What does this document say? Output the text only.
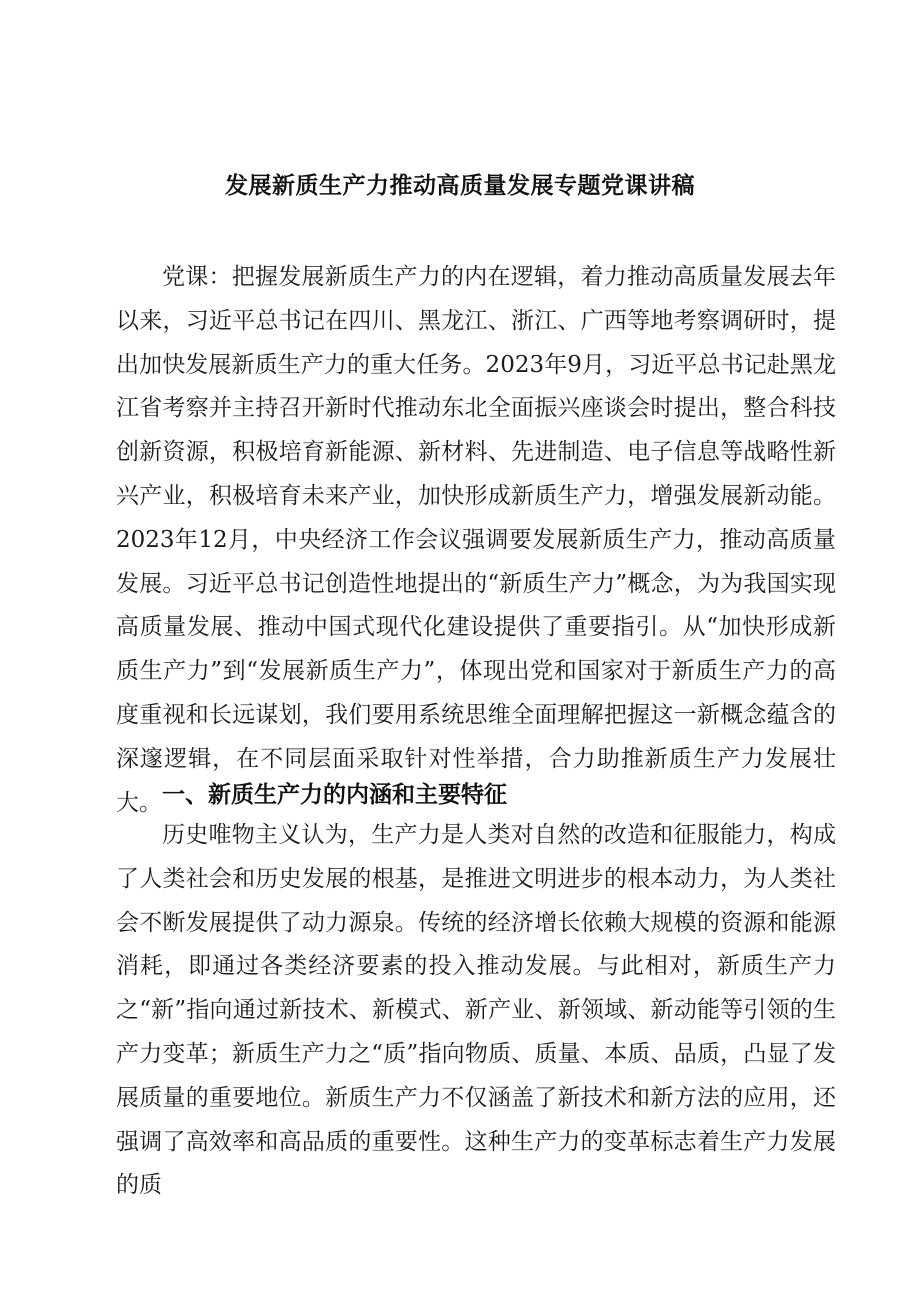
发展新质生产力推动高质量发展专题党课讲稿

党课：把握发展新质生产力的内在逻辑，着力推动高质量发展去年以来，习近平总书记在四川、黑龙江、浙江、广西等地考察调研时，提出加快发展新质生产力的重大任务。2023年9月，习近平总书记赴黑龙江省考察并主持召开新时代推动东北全面振兴座谈会时提出，整合科技创新资源，积极培育新能源、新材料、先进制造、电子信息等战略性新兴产业，积极培育未来产业，加快形成新质生产力，增强发展新动能。2023年12月，中央经济工作会议强调要发展新质生产力，推动高质量发展。习近平总书记创造性地提出的“新质生产力”概念，为为我国实现高质量发展、推动中国式现代化建设提供了重要指引。从“加快形成新质生产力”到“发展新质生产力”，体现出党和国家对于新质生产力的高度重视和长远谋划，我们要用系统思维全面理解把握这一新概念蕴含的深邃逻辑，在不同层面采取针对性举措，合力助推新质生产力发展壮大。 一、新质生产力的内涵和主要特征

历史唯物主义认为，生产力是人类对自然的改造和征服能力，构成了人类社会和历史发展的根基，是推进文明进步的根本动力，为人类社会不断发展提供了动力源泉。传统的经济增长依赖大规模的资源和能源消耗，即通过各类经济要素的投入推动发展。与此相对，新质生产力之“新”指向通过新技术、新模式、新产业、新领域、新动能等引领的生产力变革；新质生产力之“质”指向物质、质量、本质、品质，凸显了发展质量的重要地位。新质生产力不仅涵盖了新技术和新方法的应用，还强调了高效率和高品质的重要性。这种生产力的变革标志着生产力发展的质
